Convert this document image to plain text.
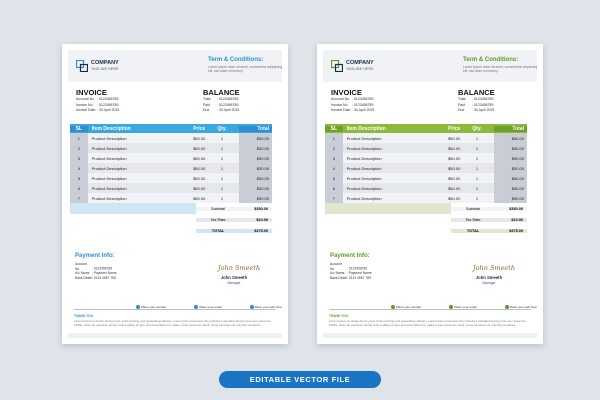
COMPANY
TAGLINE HERE
Term & Conditions:
Lorem ipsum dolor sit amet, consectetur adipiscing elit, sed diam nonummy.
INVOICE	BALANCE
Account No : 0123456789
Invoice No : 0123456789
Invoice Date : 30 April 2015
Total : 0123456789
Paid : 0123456789
Due : 30 April 2015
SL	Item Description	Price	Qty.	Total
1	Product Description	$50.00	1	$50.00
2	Product Description	$50.00	1	$50.00
3	Product Description	$50.00	1	$50.00
4	Product Description	$50.00	1	$50.00
5	Product Description	$50.00	1	$50.00
6	Product Description	$50.00	1	$50.00
7	Product Description	$50.00	1	$50.00
Subtotal	$350.00
Tax Rate	$10.00
TOTAL	$375.00
Payment Info:
Account No	: 0123456789
A/c Name : Payment Name
Bank Detail: 0123 4567 789
John Smeeth
John Smeeth
Manager
Place your number	Place your email	Place your web here
THANK YOU
Lorem Ipsum is simply dummy text of the printing and typesetting industry. Lorem Ipsum has been the industry's standard dummy text ever since the 1500s, when an unknown printer took a galley of type and scrambled it to make a type specimen book. It has survived not only five centuries.
COMPANY
TAGLINE HERE
Term & Conditions:
Lorem ipsum dolor sit amet, consectetur adipiscing elit, sed diam nonummy.
INVOICE	BALANCE
Account No : 0123456789
Invoice No : 0123456789
Invoice Date : 30 April 2015
Total : 0123456789
Paid : 0123456789
Due : 30 April 2015
SL	Item Description	Price	Qty.	Total
1	Product Description	$50.00	1	$50.00
2	Product Description	$50.00	1	$50.00
3	Product Description	$50.00	1	$50.00
4	Product Description	$50.00	1	$50.00
5	Product Description	$50.00	1	$50.00
6	Product Description	$50.00	1	$50.00
7	Product Description	$50.00	1	$50.00
Subtotal	$350.00
Tax Rate	$10.00
TOTAL	$375.00
Payment Info:
Account No	: 0123456789
A/c Name : Payment Name
Bank Detail: 0123 4567 789
John Smeeth
John Smeeth
Manager
Place your number	Place your email	Place your web here
THANK YOU
Lorem Ipsum is simply dummy text of the printing and typesetting industry. Lorem Ipsum has been the industry's standard dummy text ever since the 1500s, when an unknown printer took a galley of type and scrambled it to make a type specimen book. It has survived not only five centuries.
EDITABLE VECTOR FILE
